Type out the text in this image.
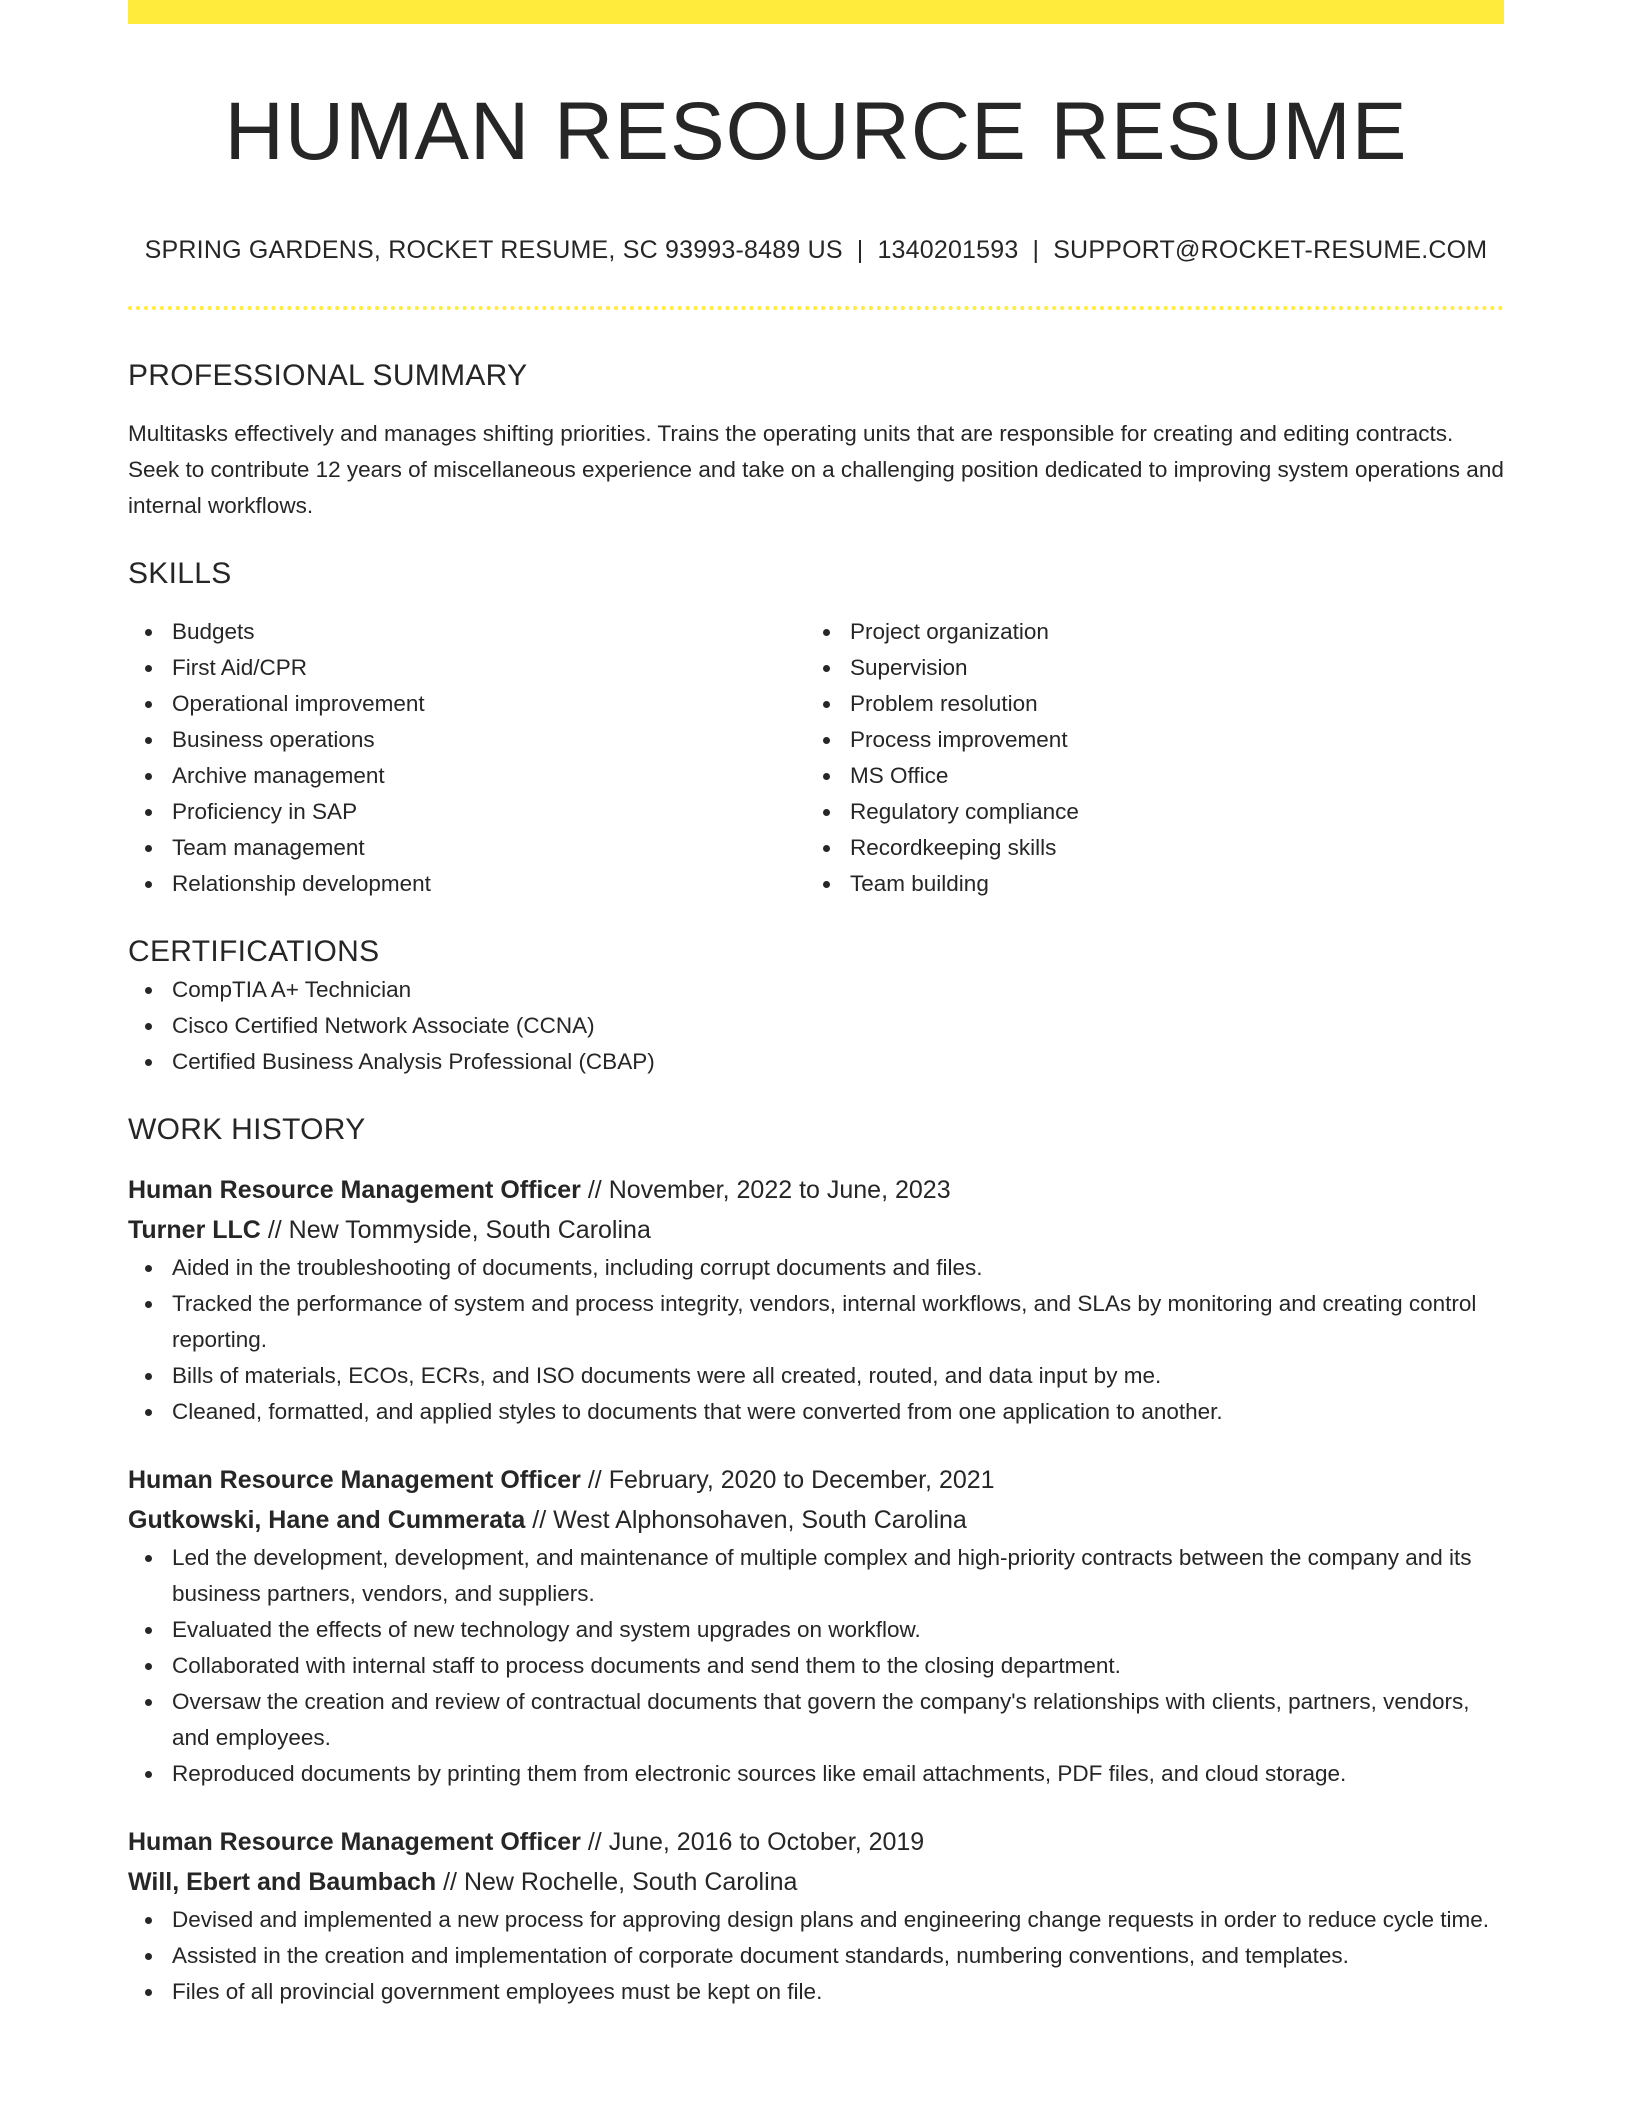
HUMAN RESOURCE RESUME
SPRING GARDENS, ROCKET RESUME, SC 93993-8489 US | 1340201593 | SUPPORT@ROCKET-RESUME.COM
PROFESSIONAL SUMMARY
Multitasks effectively and manages shifting priorities. Trains the operating units that are responsible for creating and editing contracts. Seek to contribute 12 years of miscellaneous experience and take on a challenging position dedicated to improving system operations and internal workflows.
SKILLS
Budgets
First Aid/CPR
Operational improvement
Business operations
Archive management
Proficiency in SAP
Team management
Relationship development
Project organization
Supervision
Problem resolution
Process improvement
MS Office
Regulatory compliance
Recordkeeping skills
Team building
CERTIFICATIONS
CompTIA A+ Technician
Cisco Certified Network Associate (CCNA)
Certified Business Analysis Professional (CBAP)
WORK HISTORY
Human Resource Management Officer // November, 2022 to June, 2023
Turner LLC // New Tommyside, South Carolina
Aided in the troubleshooting of documents, including corrupt documents and files.
Tracked the performance of system and process integrity, vendors, internal workflows, and SLAs by monitoring and creating control reporting.
Bills of materials, ECOs, ECRs, and ISO documents were all created, routed, and data input by me.
Cleaned, formatted, and applied styles to documents that were converted from one application to another.
Human Resource Management Officer // February, 2020 to December, 2021
Gutkowski, Hane and Cummerata // West Alphonsohaven, South Carolina
Led the development, development, and maintenance of multiple complex and high-priority contracts between the company and its business partners, vendors, and suppliers.
Evaluated the effects of new technology and system upgrades on workflow.
Collaborated with internal staff to process documents and send them to the closing department.
Oversaw the creation and review of contractual documents that govern the company's relationships with clients, partners, vendors, and employees.
Reproduced documents by printing them from electronic sources like email attachments, PDF files, and cloud storage.
Human Resource Management Officer // June, 2016 to October, 2019
Will, Ebert and Baumbach // New Rochelle, South Carolina
Devised and implemented a new process for approving design plans and engineering change requests in order to reduce cycle time.
Assisted in the creation and implementation of corporate document standards, numbering conventions, and templates.
Files of all provincial government employees must be kept on file.
